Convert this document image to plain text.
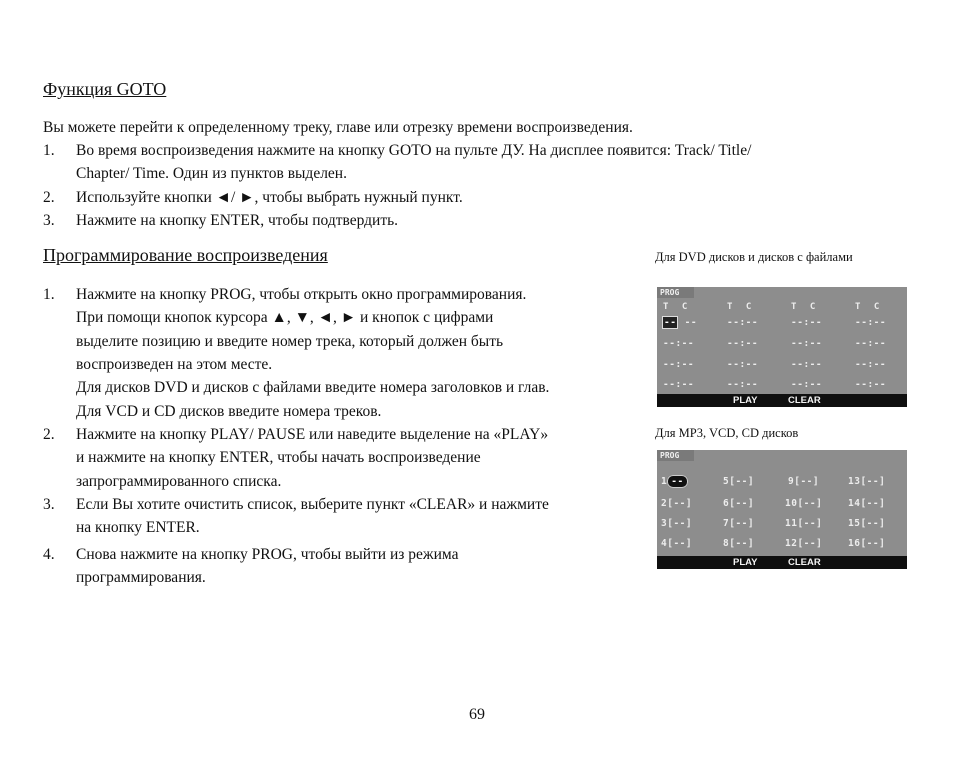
Функция GOTO

Вы можете перейти к определенному треку, главе или отрезку времени воспроизведения.

1.	Во время воспроизведения нажмите на кнопку GOTO на пульте ДУ. На дисплее появится: Track/ Title/
Chapter/ Time. Один из пунктов выделен.
2.	Используйте кнопки ◄/ ►, чтобы выбрать нужный пункт.
3.	Нажмите на кнопку ENTER, чтобы подтвердить.
Программирование воспроизведения
1.	Нажмите на кнопку PROG, чтобы открыть окно программирования.
При помощи кнопок курсора ▲, ▼, ◄, ► и кнопок с цифрами
выделите позицию и введите номер трека, который должен быть
воспроизведен на этом месте.
Для дисков DVD и дисков с файлами введите номера заголовков и глав.
Для VCD и CD дисков введите номера треков.
2.	Нажмите на кнопку PLAY/ PAUSE или наведите выделение на «PLAY»
и нажмите на кнопку ENTER, чтобы начать воспроизведение
запрограммированного списка.
3.	Если Вы хотите очистить список, выберите пункт «CLEAR» и нажмите
на кнопку ENTER.
4.	Снова нажмите на кнопку PROG, чтобы выйти из режима
программирования.
Для DVD дисков и дисков с файлами
PROG
T C	T C	T C	T C
-- --	--:--	--:--	--:--
--:--	--:--	--:--	--:--
--:--	--:--	--:--	--:--
--:--	--:--	--:--	--:--
PLAY	CLEAR
Для MP3, VCD, CD дисков
PROG
1 --	5[--]	9[--]	13[--]
2[--]	6[--]	10[--]	14[--]
3[--]	7[--]	11[--]	15[--]
4[--]	8[--]	12[--]	16[--]
PLAY	CLEAR
69
